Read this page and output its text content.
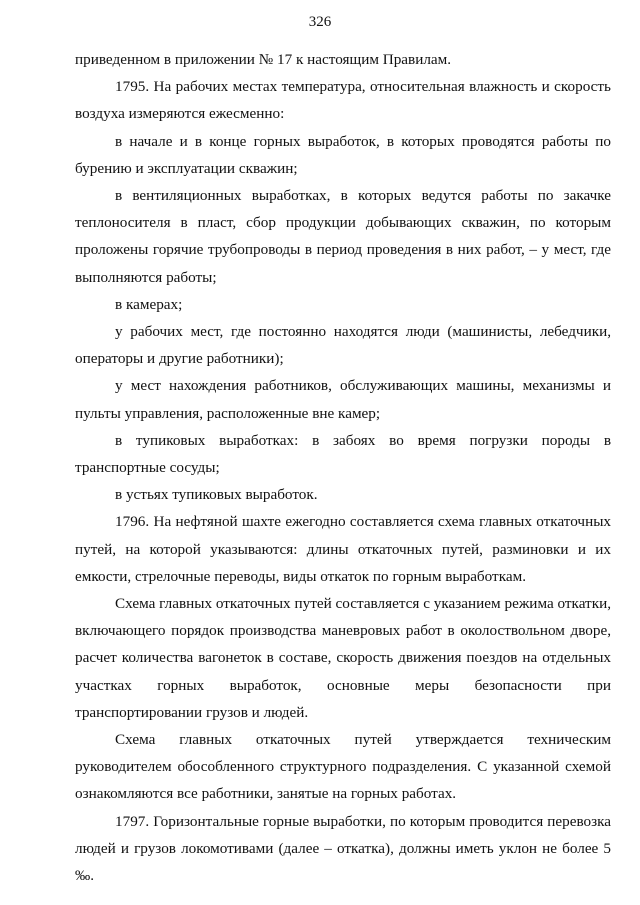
326

приведенном в приложении № 17 к настоящим Правилам.

1795. На рабочих местах температура, относительная влажность и скорость воздуха измеряются ежесменно:

в начале и в конце горных выработок, в которых проводятся работы по бурению и эксплуатации скважин;

в вентиляционных выработках, в которых ведутся работы по закачке теплоносителя в пласт, сбор продукции добывающих скважин, по которым проложены горячие трубопроводы в период проведения в них работ, – у мест, где выполняются работы;

в камерах;

у рабочих мест, где постоянно находятся люди (машинисты, лебедчики, операторы и другие работники);

у мест нахождения работников, обслуживающих машины, механизмы и пульты управления, расположенные вне камер;

в тупиковых выработках: в забоях во время погрузки породы в транспортные сосуды;

в устьях тупиковых выработок.

1796. На нефтяной шахте ежегодно составляется схема главных откаточных путей, на которой указываются: длины откаточных путей, разминовки и их емкости, стрелочные переводы, виды откаток по горным выработкам.

Схема главных откаточных путей составляется с указанием режима откатки, включающего порядок производства маневровых работ в околоствольном дворе, расчет количества вагонеток в составе, скорость движения поездов на отдельных участках горных выработок, основные меры безопасности при транспортировании грузов и людей.

Схема главных откаточных путей утверждается техническим руководителем обособленного структурного подразделения. С указанной схемой ознакомляются все работники, занятые на горных работах.

1797. Горизонтальные горные выработки, по которым проводится перевозка людей и грузов локомотивами (далее – откатка), должны иметь уклон не более 5 ‰.
